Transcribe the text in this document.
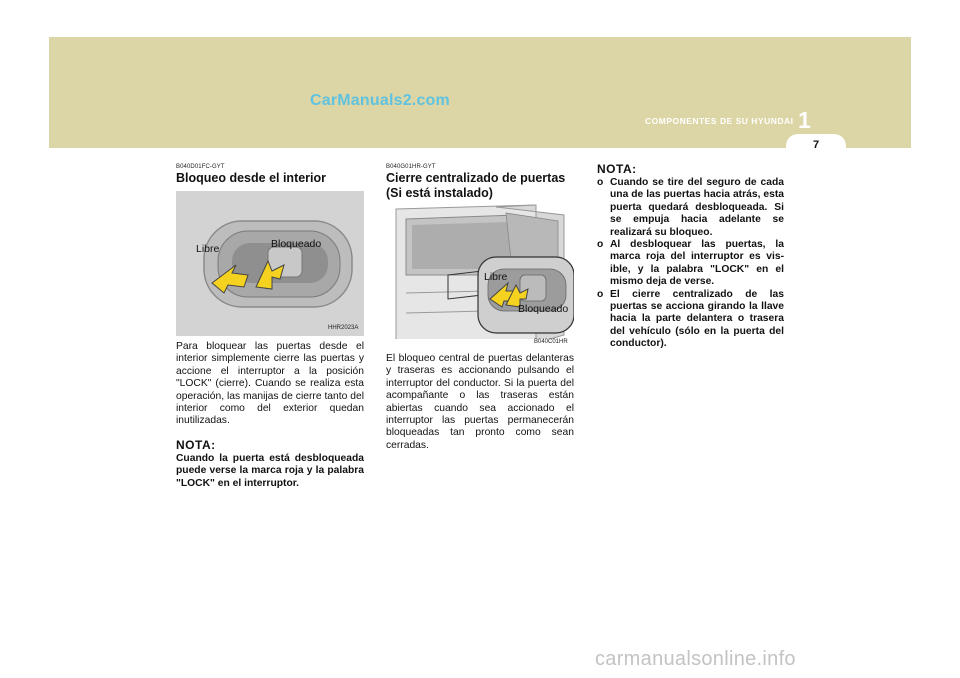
CarManuals2.com
COMPONENTES DE SU HYUNDAI 1
7
B040D01FC-GYT
Bloqueo desde el interior
Libre	Bloqueado
HHR2023A

Para bloquear las puertas desde el interior simplemente cierre las puertas y accione el interruptor a la posición "LOCK" (cierre). Cuando se realiza esta operación, las manijas de cierre tanto del interior como del exterior quedan inutilizadas.

NOTA:

Cuando la puerta está desbloqueada puede verse la marca roja y la palabra "LOCK" en el interruptor.

B040G01HR-GYT
Cierre centralizado de puertas
(Si está instalado)
Libre
Bloqueado
B040C01HR

El bloqueo central de puertas delanteras y traseras es accionando pulsando el interruptor del conductor. Si la puerta del acompañante o las traseras están abiertas cuando sea accionado el interruptor las puertas permanecerán bloqueadas tan pronto como sean cerradas.

NOTA:
o Cuando se tire del seguro de cada una de las puertas hacia atrás, esta puerta quedará desbloqueada. Si se empuja hacia adelante se realizará su bloqueo.
o Al desbloquear las puertas, la marca roja del interruptor es vis- ible, y la palabra "LOCK" en el mismo deja de verse.
o El cierre centralizado de las puertas se acciona girando la llave hacia la parte delantera o trasera del vehículo (sólo en la puerta del conductor).
carmanualsonline.info
